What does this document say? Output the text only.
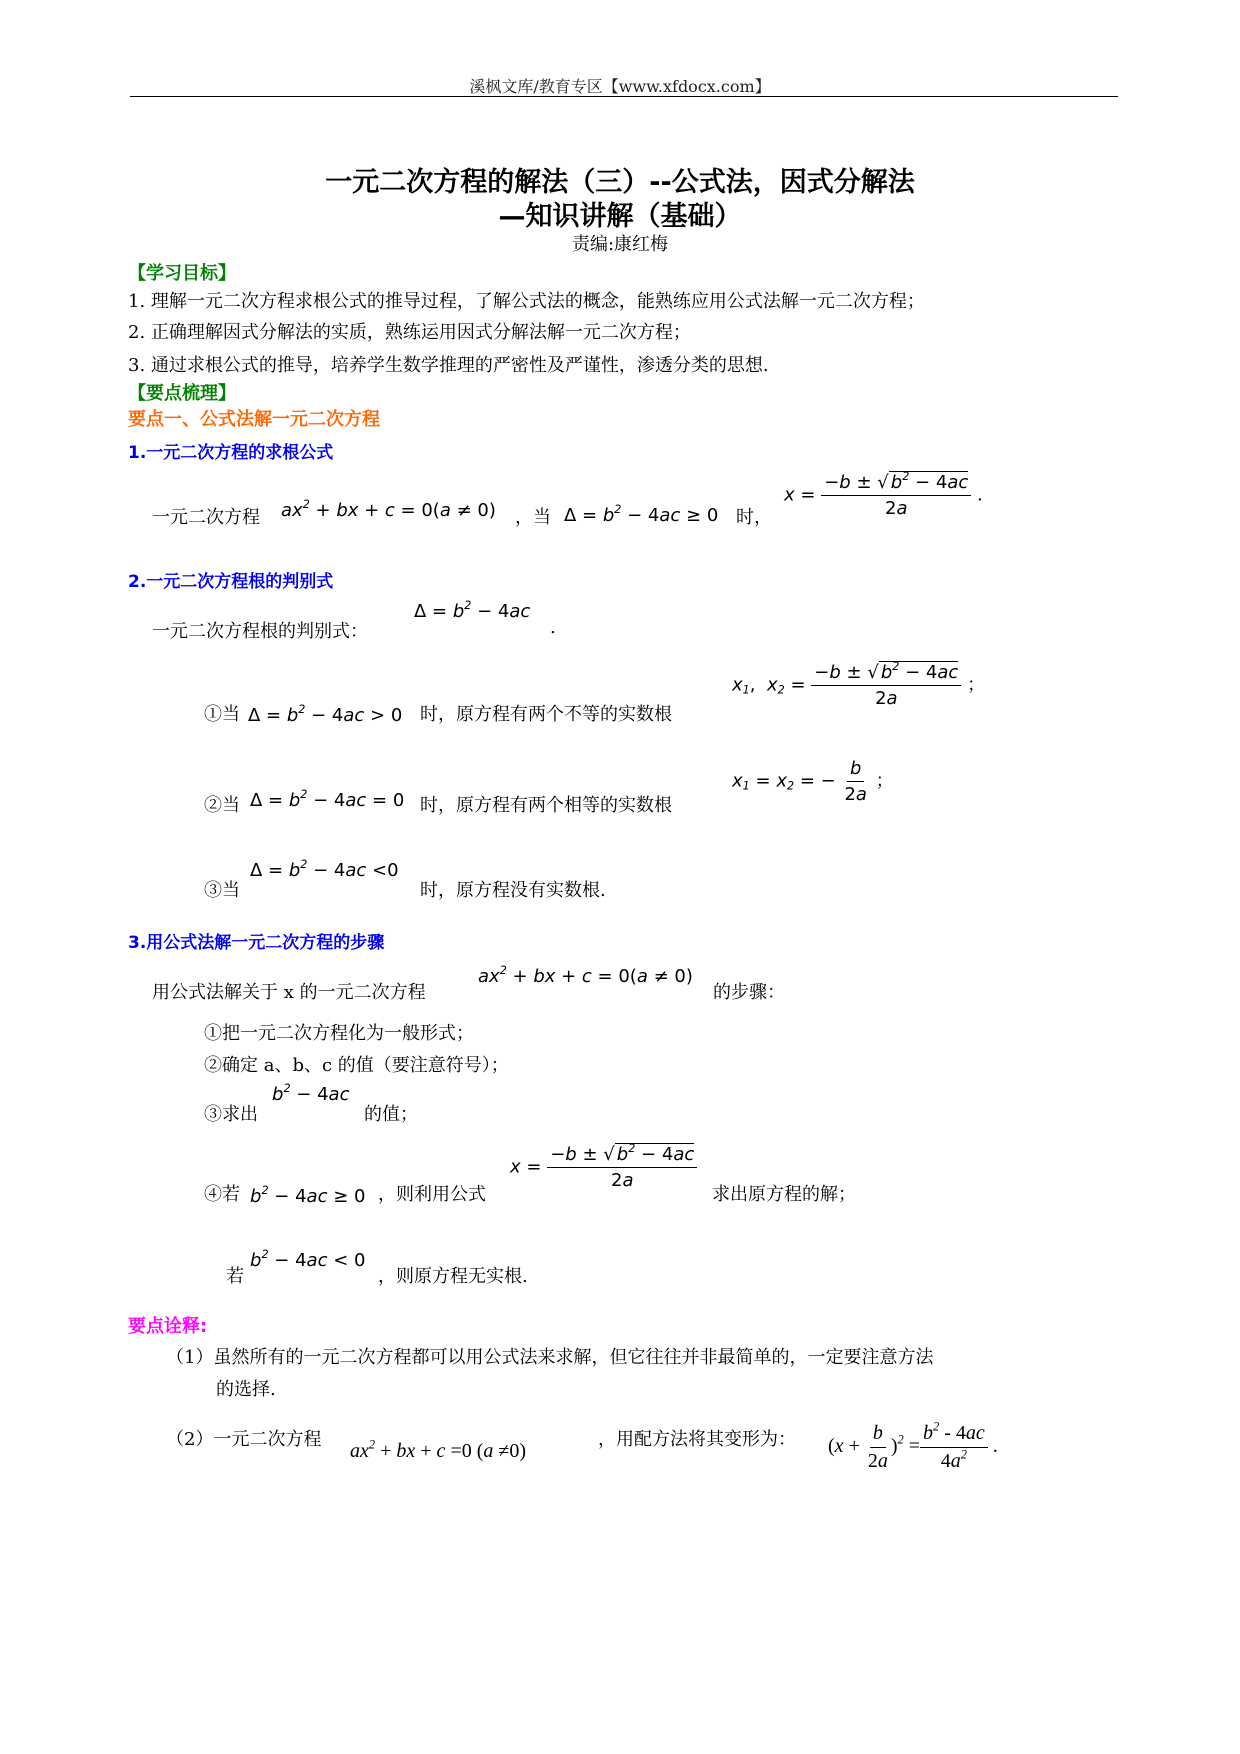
溪枫文库/教育专区【www.xfdocx.com】
一元二次方程的解法（三）--公式法，因式分解法
—知识讲解（基础）
责编:康红梅
【学习目标】
1. 理解一元二次方程求根公式的推导过程，了解公式法的概念，能熟练应用公式法解一元二次方程；
2. 正确理解因式分解法的实质，熟练运用因式分解法解一元二次方程；
3. 通过求根公式的推导，培养学生数学推理的严密性及严谨性，渗透分类的思想.
【要点梳理】
要点一、公式法解一元二次方程
1.一元二次方程的求根公式
一元二次方程 $ax^2$ + bx + c = 0(a ≠ 0) ，当 $\Delta = b^2 - 4ac \ge 0$ 时，
$x = \frac{-b \pm √ b^2 - 4ac}{2a}$ .
2.一元二次方程根的判别式
一元二次方程根的判别式：
$\Delta = b^2 - 4ac$
.
①当 $\Delta = b^2 - 4ac > 0$ 时，原方程有两个不等的实数根
$x_1$,  $x_2 = \frac{-b \pm √ b^2 - 4ac}{2a}$ ；
②当 $\Delta = b^2 - 4ac = 0$ 时，原方程有两个相等的实数根
$x_1 = x_2$ = − $\frac{b}{2a}$ ；
③当
$\Delta = b^2 - 4ac <0$
时，原方程没有实数根.
3.用公式法解一元二次方程的步骤
用公式法解关于 x 的一元二次方程
$ax^2$ + bx + c = 0(a ≠ 0)
的步骤：
①把一元二次方程化为一般形式；
②确定 a、b、c 的值（要注意符号）；
③求出
$b^2 - 4ac$
的值；
④若 $b^2 - 4ac \ge 0$ ，则利用公式
$x = \frac{-b \pm √ b^2 - 4ac}{2a}$
求出原方程的解；
若
$b^2 - 4ac < 0$
，则原方程无实根.
要点诠释:
（1）虽然所有的一元二次方程都可以用公式法来求解，但它往往并非最简单的，一定要注意方法
的选择.
（2）一元二次方程
$ax^2$ + bx + c =0 (a ≠0)
，用配方法将其变形为： $(x + \frac{b}{2a} )^2 = \frac{b^2 - 4ac}{4a^2}$ .
